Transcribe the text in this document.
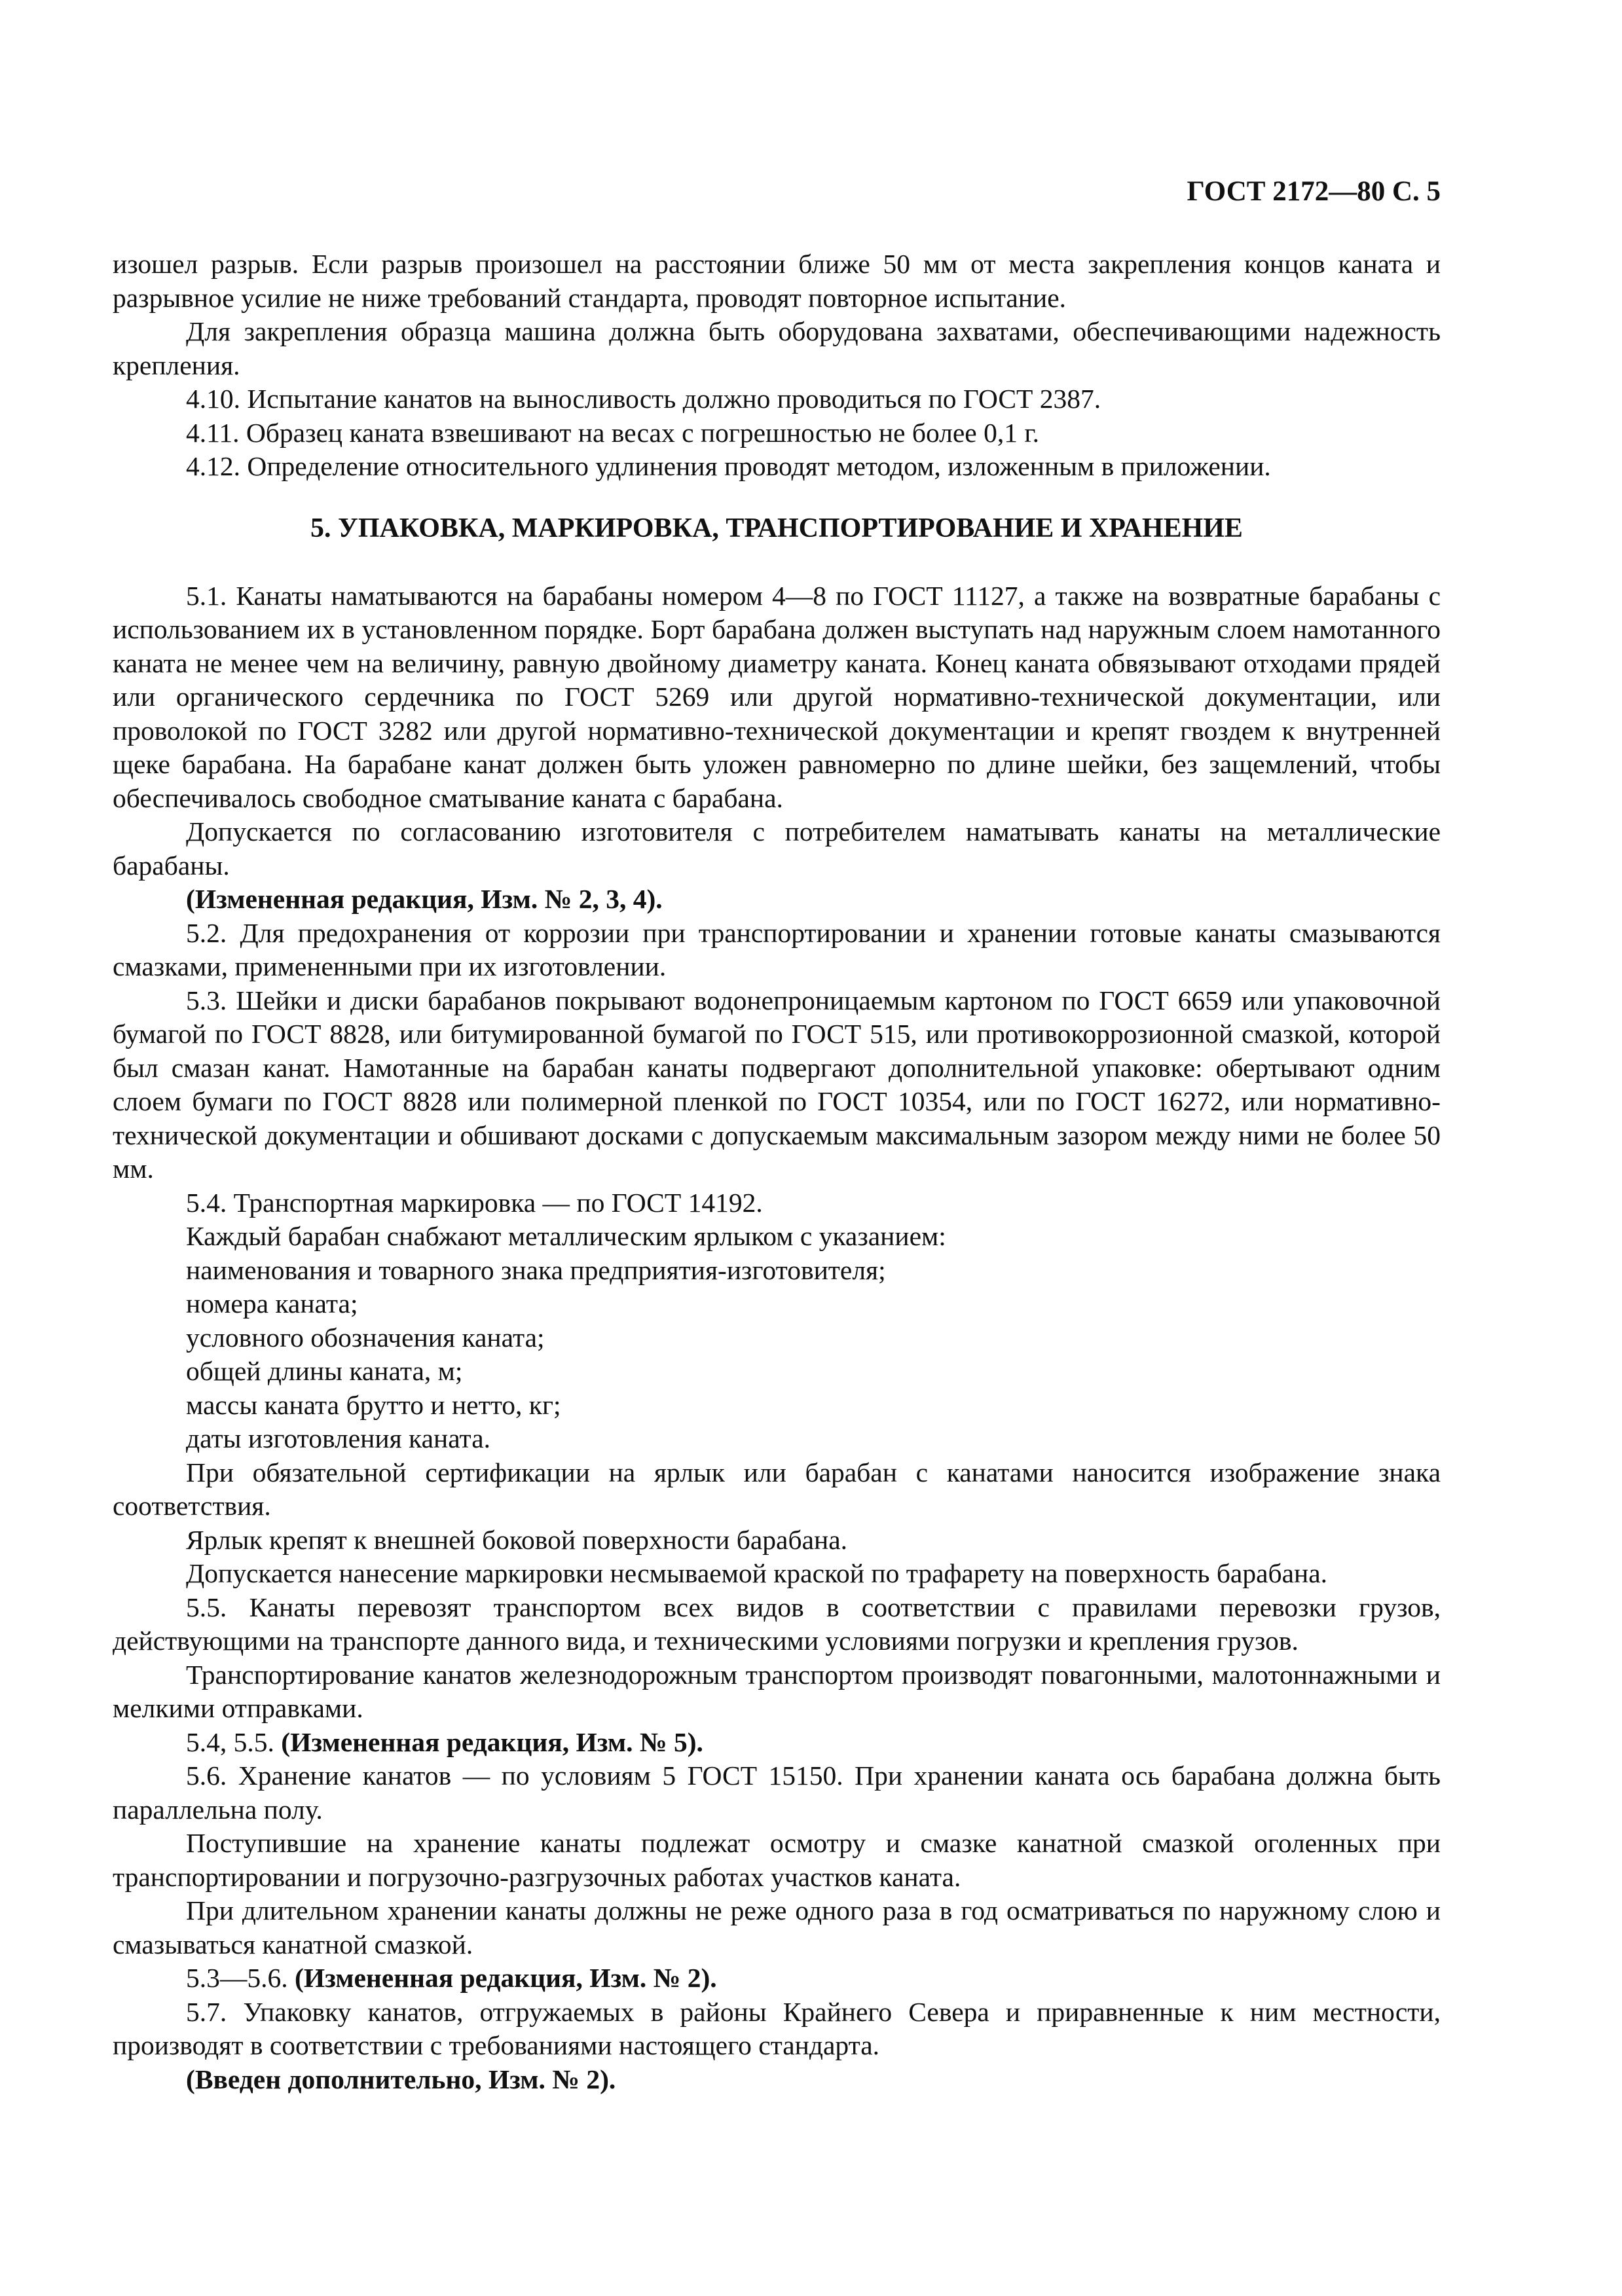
ГОСТ 2172—80 С. 5

изошел разрыв. Если разрыв произошел на расстоянии ближе 50 мм от места закрепления концов каната и разрывное усилие не ниже требований стандарта, проводят повторное испытание.

Для закрепления образца машина должна быть оборудована захватами, обеспечивающими надежность крепления.

4.10. Испытание канатов на выносливость должно проводиться по ГОСТ 2387.

4.11. Образец каната взвешивают на весах с погрешностью не более 0,1 г.

4.12. Определение относительного удлинения проводят методом, изложенным в приложении.

5. УПАКОВКА, МАРКИРОВКА, ТРАНСПОРТИРОВАНИЕ И ХРАНЕНИЕ

5.1. Канаты наматываются на барабаны номером 4—8 по ГОСТ 11127, а также на возвратные барабаны с использованием их в установленном порядке. Борт барабана должен выступать над наружным слоем намотанного каната не менее чем на величину, равную двойному диаметру каната. Конец каната обвязывают отходами прядей или органического сердечника по ГОСТ 5269 или другой нормативно-технической документации, или проволокой по ГОСТ 3282 или другой нормативно-технической документации и крепят гвоздем к внутренней щеке барабана. На барабане канат должен быть уложен равномерно по длине шейки, без защемлений, чтобы обеспечивалось свободное сматывание каната с барабана.

Допускается по согласованию изготовителя с потребителем наматывать канаты на металлические барабаны.

(Измененная редакция, Изм. № 2, 3, 4).

5.2. Для предохранения от коррозии при транспортировании и хранении готовые канаты смазываются смазками, примененными при их изготовлении.

5.3. Шейки и диски барабанов покрывают водонепроницаемым картоном по ГОСТ 6659 или упаковочной бумагой по ГОСТ 8828, или битумированной бумагой по ГОСТ 515, или противокоррозионной смазкой, которой был смазан канат. Намотанные на барабан канаты подвергают дополнительной упаковке: обертывают одним слоем бумаги по ГОСТ 8828 или полимерной пленкой по ГОСТ 10354, или по ГОСТ 16272, или нормативно-технической документации и обшивают досками с допускаемым максимальным зазором между ними не более 50 мм.

5.4. Транспортная маркировка — по ГОСТ 14192.

Каждый барабан снабжают металлическим ярлыком с указанием:

наименования и товарного знака предприятия-изготовителя;

номера каната;

условного обозначения каната;

общей длины каната, м;

массы каната брутто и нетто, кг;

даты изготовления каната.

При обязательной сертификации на ярлык или барабан с канатами наносится изображение знака соответствия.

Ярлык крепят к внешней боковой поверхности барабана.

Допускается нанесение маркировки несмываемой краской по трафарету на поверхность барабана.

5.5. Канаты перевозят транспортом всех видов в соответствии с правилами перевозки грузов, действующими на транспорте данного вида, и техническими условиями погрузки и крепления грузов.

Транспортирование канатов железнодорожным транспортом производят повагонными, малотоннажными и мелкими отправками.

5.4, 5.5. (Измененная редакция, Изм. № 5).

5.6. Хранение канатов — по условиям 5 ГОСТ 15150. При хранении каната ось барабана должна быть параллельна полу.

Поступившие на хранение канаты подлежат осмотру и смазке канатной смазкой оголенных при транспортировании и погрузочно-разгрузочных работах участков каната.

При длительном хранении канаты должны не реже одного раза в год осматриваться по наружному слою и смазываться канатной смазкой.

5.3—5.6. (Измененная редакция, Изм. № 2).

5.7. Упаковку канатов, отгружаемых в районы Крайнего Севера и приравненные к ним местности, производят в соответствии с требованиями настоящего стандарта.

(Введен дополнительно, Изм. № 2).
